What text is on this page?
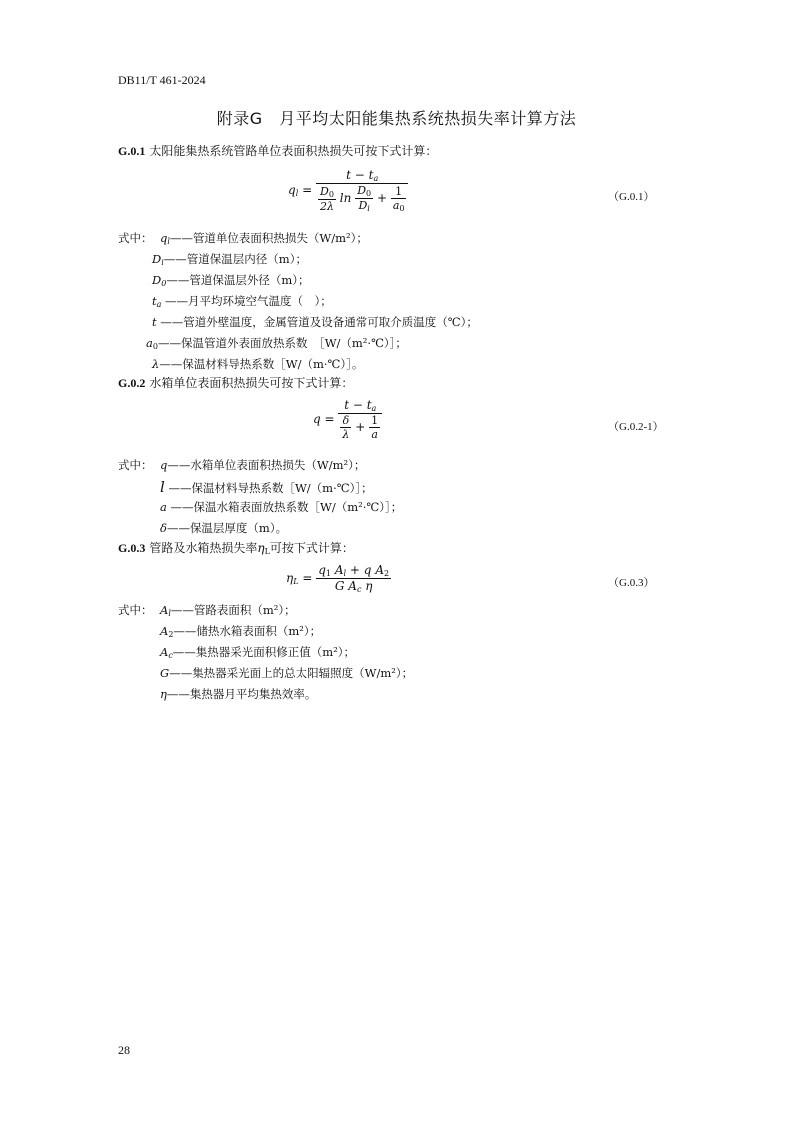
DB11/T 461-2024
附录G　月平均太阳能集热系统热损失率计算方法
G.0.1 太阳能集热系统管路单位表面积热损失可按下式计算：
$q_l = \frac{t - t_a}{\frac{D_0}{2\lambda} \ln \frac{D_0}{D_i} + \frac{1}{a_0}}$	（G.0.1）
式中： $q_l——$管道单位表面积热损失（W/m²）；
$D_i——$管道保温层内径（m）；
$D_0——$管道保温层外径（m）；
$t_a$ ——月平均环境空气温度（　）；
t ——管道外壁温度，金属管道及设备通常可取介质温度（℃）；
$a_0——$保温管道外表面放热系数　［W/（m²·℃）］；
λ——保温材料导热系数［W/（m·℃）］。
G.0.2 水箱单位表面积热损失可按下式计算：
$q = \frac{t - t_a}{\frac{\delta}{\lambda} + \frac{1}{a}}$	（G.0.2-1）
式中： q——水箱单位表面积热损失（W/m²）；
l ——保温材料导热系数［W/（m·℃）］；
a ——保温水箱表面放热系数［W/（m²·℃）］；
δ——保温层厚度（m）。
G.0.3 管路及水箱热损失率$\eta_L$可按下式计算：
$\eta_L = \frac{q_1 A_l + q A_2}{G A_c \eta}$	（G.0.3）
式中： $A_l——$管路表面积（m²）；
$A_2——$储热水箱表面积（m²）；
$A_c——$集热器采光面积修正值（m²）；
G——集热器采光面上的总太阳辐照度（W/m²）；
η——集热器月平均集热效率。
28
